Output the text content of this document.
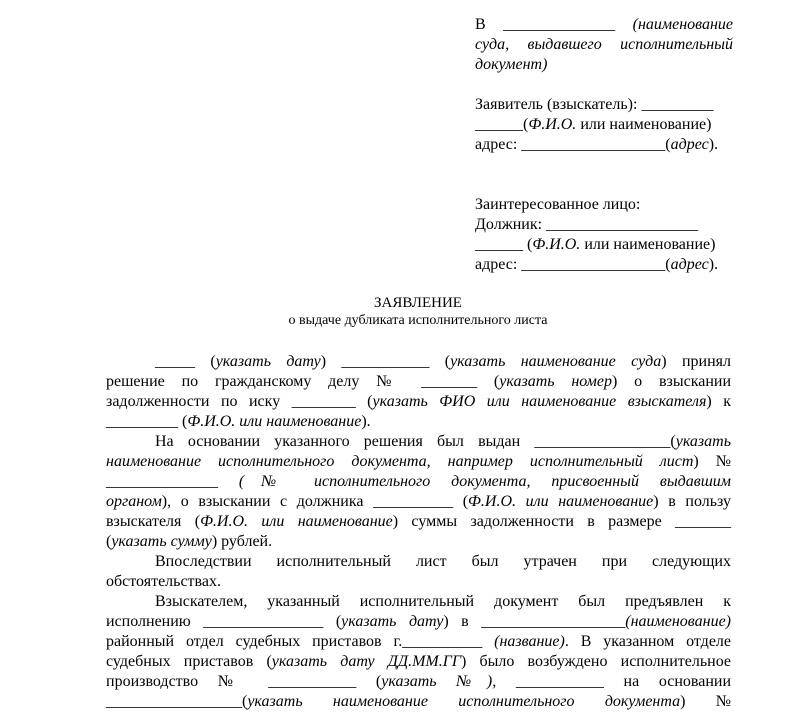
В ______________ (наименование
суда, выдавшего исполнительный
документ)
Заявитель (взыскатель): _________
______(Ф.И.О. или наименование)
адрес: __________________(адрес).
Заинтересованное лицо:
Должник: ___________________
______ (Ф.И.О. или наименование)
адрес: __________________(адрес).
ЗАЯВЛЕНИЕ
о выдаче дубликата исполнительного листа
_____ (указать дату) ___________ (указать наименование суда) принял
решение по гражданскому делу № _______ (указать номер) о взыскании
задолженности по иску ________ (указать ФИО или наименование взыскателя) к
_________ (Ф.И.О. или наименование).
На основании указанного решения был выдан _________________(указать
наименование исполнительного документа, например исполнительный лист) №
______________ (№ исполнительного документа, присвоенный выдавшим
органом), о взыскании с должника __________ (Ф.И.О. или наименование) в пользу
взыскателя (Ф.И.О. или наименование) суммы задолженности в размере _______
(указать сумму) рублей.
Впоследствии исполнительный лист был утрачен при следующих
обстоятельствах.
Взыскателем, указанный исполнительный документ был предъявлен к
исполнению _______________ (указать дату) в __________________(наименование)
районный отдел судебных приставов г.__________ (название). В указанном отделе
судебных приставов (указать дату ДД.ММ.ГГ) было возбуждено исполнительное
производство № ___________ (указать №), ___________ на основании
_________________(указать наименование исполнительного документа) №
